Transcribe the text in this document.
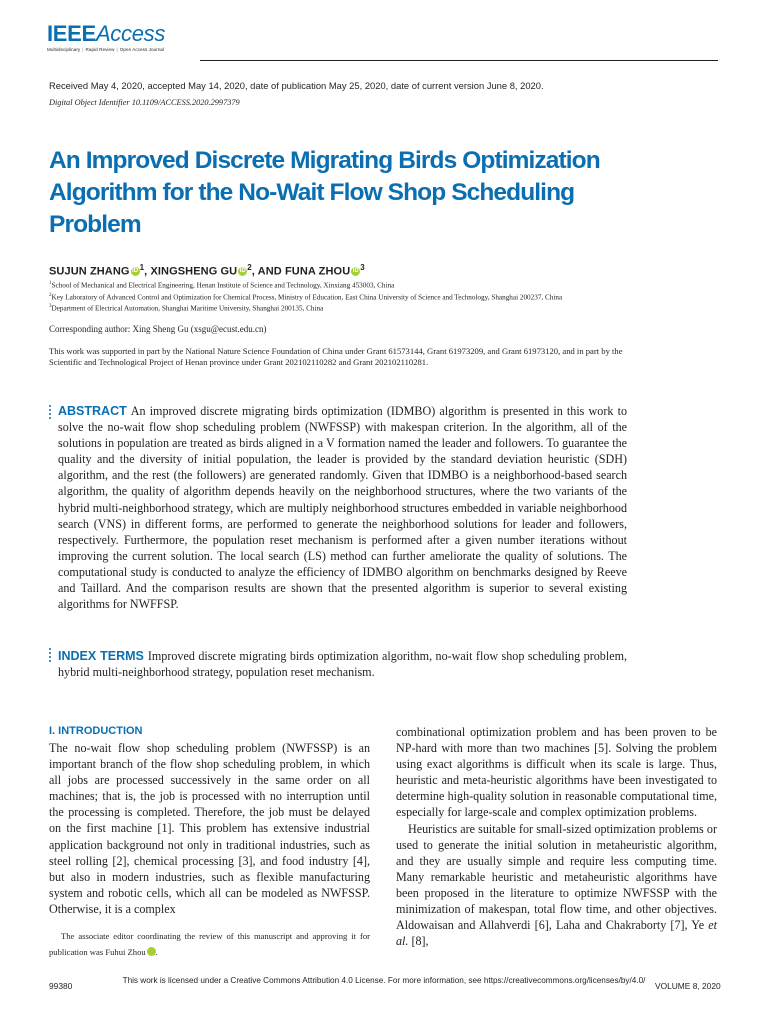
IEEEAccess
Multidisciplinary | Rapid Review | Open Access Journal
Received May 4, 2020, accepted May 14, 2020, date of publication May 25, 2020, date of current version June 8, 2020.
Digital Object Identifier 10.1109/ACCESS.2020.2997379
An Improved Discrete Migrating Birds Optimization Algorithm for the No-Wait Flow Shop Scheduling Problem
SUJUN ZHANG $iD^1$, XINGSHENG GU $iD^2$, AND FUNA ZHOU $iD^3$
$^1$School of Mechanical and Electrical Engineering, Henan Institute of Science and Technology, Xinxiang 453003, China
$^2$Key Laboratory of Advanced Control and Optimization for Chemical Process, Ministry of Education, East China University of Science and Technology, Shanghai 200237, China
$^3$Department of Electrical Automation, Shanghai Maritime University, Shanghai 200135, China
Corresponding author: Xing Sheng Gu (xsgu@ecust.edu.cn)
This work was supported in part by the National Nature Science Foundation of China under Grant 61573144, Grant 61973209, and Grant 61973120, and in part by the Scientific and Technological Project of Henan province under Grant 202102110282 and Grant 202102110281.
ABSTRACT An improved discrete migrating birds optimization (IDMBO) algorithm is presented in this work to solve the no-wait flow shop scheduling problem (NWFSSP) with makespan criterion. In the algorithm, all of the solutions in population are treated as birds aligned in a V formation named the leader and followers. To guarantee the quality and the diversity of initial population, the leader is provided by the standard deviation heuristic (SDH) algorithm, and the rest (the followers) are generated randomly. Given that IDMBO is a neighborhood-based search algorithm, the quality of algorithm depends heavily on the neighborhood structures, where the two variants of the hybrid multi-neighborhood strategy, which are multiply neighborhood structures embedded in variable neighborhood search (VNS) in different forms, are performed to generate the neighborhood solutions for leader and followers, respectively. Furthermore, the population reset mechanism is performed after a given number iterations without improving the current solution. The local search (LS) method can further ameliorate the quality of solutions. The computational study is conducted to analyze the efficiency of IDMBO algorithm on benchmarks designed by Reeve and Taillard. And the comparison results are shown that the presented algorithm is superior to several existing algorithms for NWFFSP.
INDEX TERMS Improved discrete migrating birds optimization algorithm, no-wait flow shop scheduling problem, hybrid multi-neighborhood strategy, population reset mechanism.
I. INTRODUCTION

The no-wait flow shop scheduling problem (NWFSSP) is an important branch of the flow shop scheduling problem, in which all jobs are processed successively in the same order on all machines; that is, the job is processed with no interruption until the processing is completed. Therefore, the job must be delayed on the first machine [1]. This problem has extensive industrial application background not only in traditional industries, such as steel rolling [2], chemical processing [3], and food industry [4], but also in modern industries, such as flexible manufacturing system and robotic cells, which all can be modeled as NWFSSP. Otherwise, it is a complex

The associate editor coordinating the review of this manuscript and approving it for publication was Fuhui Zhou iD.

combinational optimization problem and has been proven to be NP-hard with more than two machines [5]. Solving the problem using exact algorithms is difficult when its scale is large. Thus, heuristic and meta-heuristic algorithms have been investigated to determine high-quality solution in reasonable computational time, especially for large-scale and complex optimization problems.

Heuristics are suitable for small-sized optimization problems or used to generate the initial solution in metaheuristic algorithm, and they are usually simple and require less computing time. Many remarkable heuristic and metaheuristic algorithms have been proposed in the literature to optimize NWFSSP with the minimization of makespan, total flow time, and other objectives. Aldowaisan and Allahverdi [6], Laha and Chakraborty [7], Ye et al. [8],

99380
This work is licensed under a Creative Commons Attribution 4.0 License. For more information, see https://creativecommons.org/licenses/by/4.0/
VOLUME 8, 2020
